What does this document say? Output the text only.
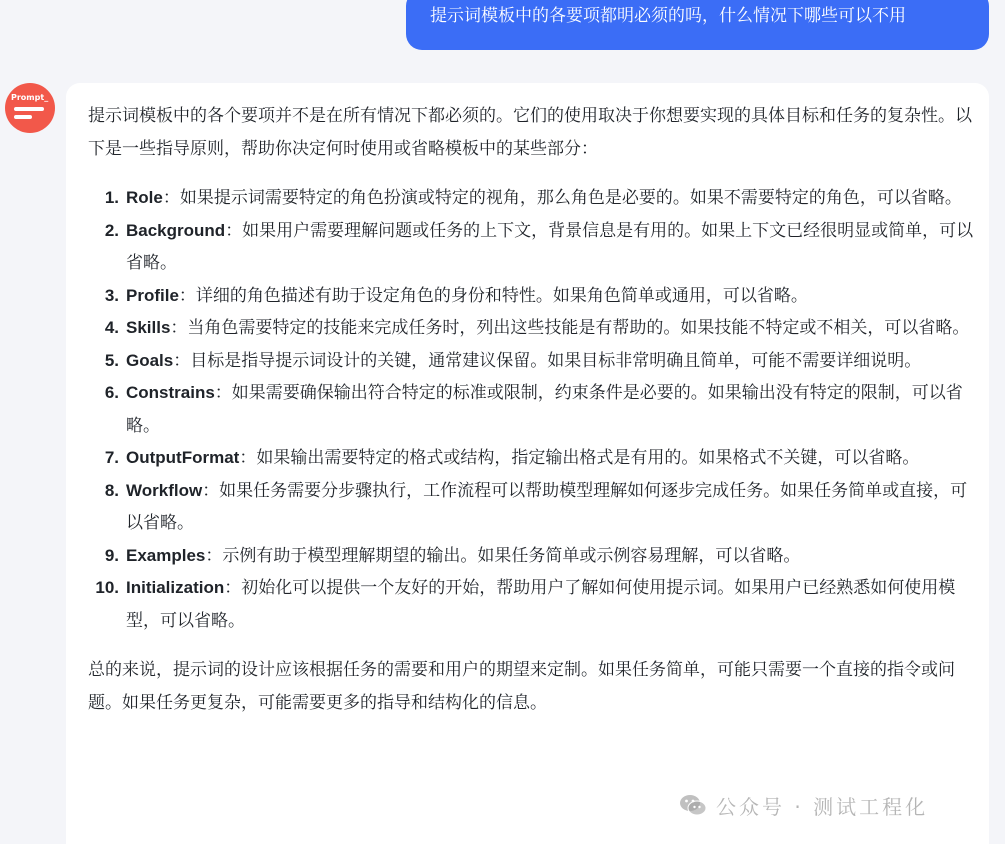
提示词模板中的各要项都明必须的吗，什么情况下哪些可以不用
Prompt_

提示词模板中的各个要项并不是在所有情况下都必须的。它们的使用取决于你想要实现的具体目标和任务的复杂性。以下是一些指导原则，帮助你决定何时使用或省略模板中的某些部分：

1. Role：如果提示词需要特定的角色扮演或特定的视角，那么角色是必要的。如果不需要特定的角色，可以省略。
2. Background：如果用户需要理解问题或任务的上下文，背景信息是有用的。如果上下文已经很明显或简单，可以省略。
3. Profile：详细的角色描述有助于设定角色的身份和特性。如果角色简单或通用，可以省略。
4. Skills：当角色需要特定的技能来完成任务时，列出这些技能是有帮助的。如果技能不特定或不相关，可以省略。
5. Goals：目标是指导提示词设计的关键，通常建议保留。如果目标非常明确且简单，可能不需要详细说明。
6. Constrains：如果需要确保输出符合特定的标准或限制，约束条件是必要的。如果输出没有特定的限制，可以省略。
7. OutputFormat：如果输出需要特定的格式或结构，指定输出格式是有用的。如果格式不关键，可以省略。
8. Workflow：如果任务需要分步骤执行，工作流程可以帮助模型理解如何逐步完成任务。如果任务简单或直接，可以省略。
9. Examples：示例有助于模型理解期望的输出。如果任务简单或示例容易理解，可以省略。
10. Initialization：初始化可以提供一个友好的开始，帮助用户了解如何使用提示词。如果用户已经熟悉如何使用模型，可以省略。

总的来说，提示词的设计应该根据任务的需要和用户的期望来定制。如果任务简单，可能只需要一个直接的指令或问题。如果任务更复杂，可能需要更多的指导和结构化的信息。

公众号 · 测试工程化
